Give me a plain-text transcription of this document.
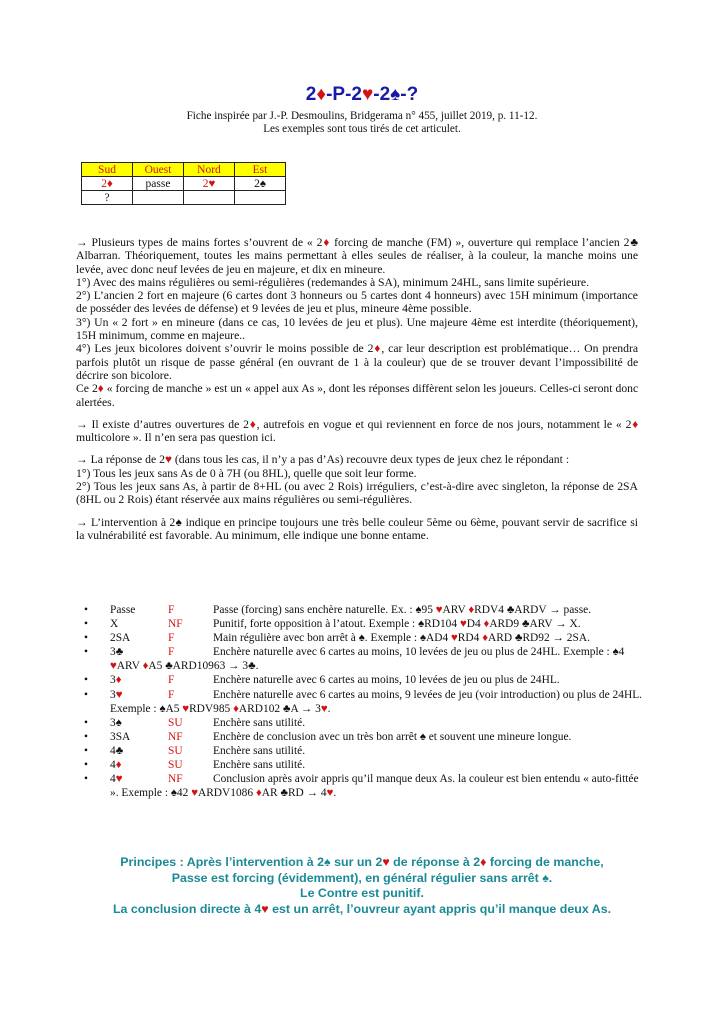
2♦-P-2♥-2♠-?
Fiche inspirée par J.-P. Desmoulins, Bridgerama n° 455, juillet 2019, p. 11-12.
Les exemples sont tous tirés de cet articulet.
Sud	Ouest	Nord	Est
2♦	passe	2♥	2♠
?			

→ Plusieurs types de mains fortes s’ouvrent de « 2♦ forcing de manche (FM) », ouverture qui remplace l’ancien 2♣ Albarran. Théoriquement, toutes les mains permettant à elles seules de réaliser, à la couleur, la manche moins une levée, avec donc neuf levées de jeu en majeure, et dix en mineure.

1°) Avec des mains régulières ou semi-régulières (redemandes à SA), minimum 24HL, sans limite supérieure.

2°) L’ancien 2 fort en majeure (6 cartes dont 3 honneurs ou 5 cartes dont 4 honneurs) avec 15H minimum (importance de posséder des levées de défense) et 9 levées de jeu et plus, mineure 4ème possible.

3°) Un « 2 fort » en mineure (dans ce cas, 10 levées de jeu et plus). Une majeure 4ème est interdite (théoriquement), 15H minimum, comme en majeure..

4°) Les jeux bicolores doivent s’ouvrir le moins possible de 2♦, car leur description est problématique… On prendra parfois plutôt un risque de passe général (en ouvrant de 1 à la couleur) que de se trouver devant l’impossibilité de décrire son bicolore.

Ce 2♦ « forcing de manche » est un « appel aux As », dont les réponses diffèrent selon les joueurs. Celles-ci seront donc alertées.

→ Il existe d’autres ouvertures de 2♦, autrefois en vogue et qui reviennent en force de nos jours, notamment le « 2♦ multicolore ». Il n’en sera pas question ici.

→ La réponse de 2♥ (dans tous les cas, il n’y a pas d’As) recouvre deux types de jeux chez le répondant :

1°) Tous les jeux sans As de 0 à 7H (ou 8HL), quelle que soit leur forme.

2°) Tous les jeux sans As, à partir de 8+HL (ou avec 2 Rois) irréguliers, c’est-à-dire avec singleton, la réponse de 2SA (8HL ou 2 Rois) étant réservée aux mains régulières ou semi-régulières.

→ L’intervention à 2♠ indique en principe toujours une très belle couleur 5ème ou 6ème, pouvant servir de sacrifice si la vulnérabilité est favorable. Au minimum, elle indique une bonne entame.

• Passe	F	Passe (forcing) sans enchère naturelle. Ex. : ♠95 ♥ARV ♦RDV4 ♣ARDV → passe.
• X	NF	Punitif, forte opposition à l’atout. Exemple : ♠RD104 ♥D4 ♦ARD9 ♣ARV → X.
• 2SA	F	Main régulière avec bon arrêt à ♠. Exemple : ♠AD4 ♥RD4 ♦ARD ♣RD92 → 2SA.
• 3♣	F	Enchère naturelle avec 6 cartes au moins, 10 levées de jeu ou plus de 24HL. Exemple : ♠4 ♥ARV ♦A5 ♣ARD10963 → 3♣.
• 3♦	F	Enchère naturelle avec 6 cartes au moins, 10 levées de jeu ou plus de 24HL.
• 3♥	F	Enchère naturelle avec 6 cartes au moins, 9 levées de jeu (voir introduction) ou plus de 24HL. Exemple : ♠A5 ♥RDV985 ♦ARD102 ♣A → 3♥.
• 3♠	SU	Enchère sans utilité.
• 3SA	NF	Enchère de conclusion avec un très bon arrêt ♠ et souvent une mineure longue.
• 4♣	SU	Enchère sans utilité.
• 4♦	SU	Enchère sans utilité.
• 4♥	NF	Conclusion après avoir appris qu’il manque deux As. la couleur est bien entendu « auto-fittée ». Exemple : ♠42 ♥ARDV1086 ♦AR ♣RD → 4♥.
Principes : Après l’intervention à 2♠ sur un 2♥ de réponse à 2♦ forcing de manche,
Passe est forcing (évidemment), en général régulier sans arrêt ♠.
Le Contre est punitif.
La conclusion directe à 4♥ est un arrêt, l’ouvreur ayant appris qu’il manque deux As.
